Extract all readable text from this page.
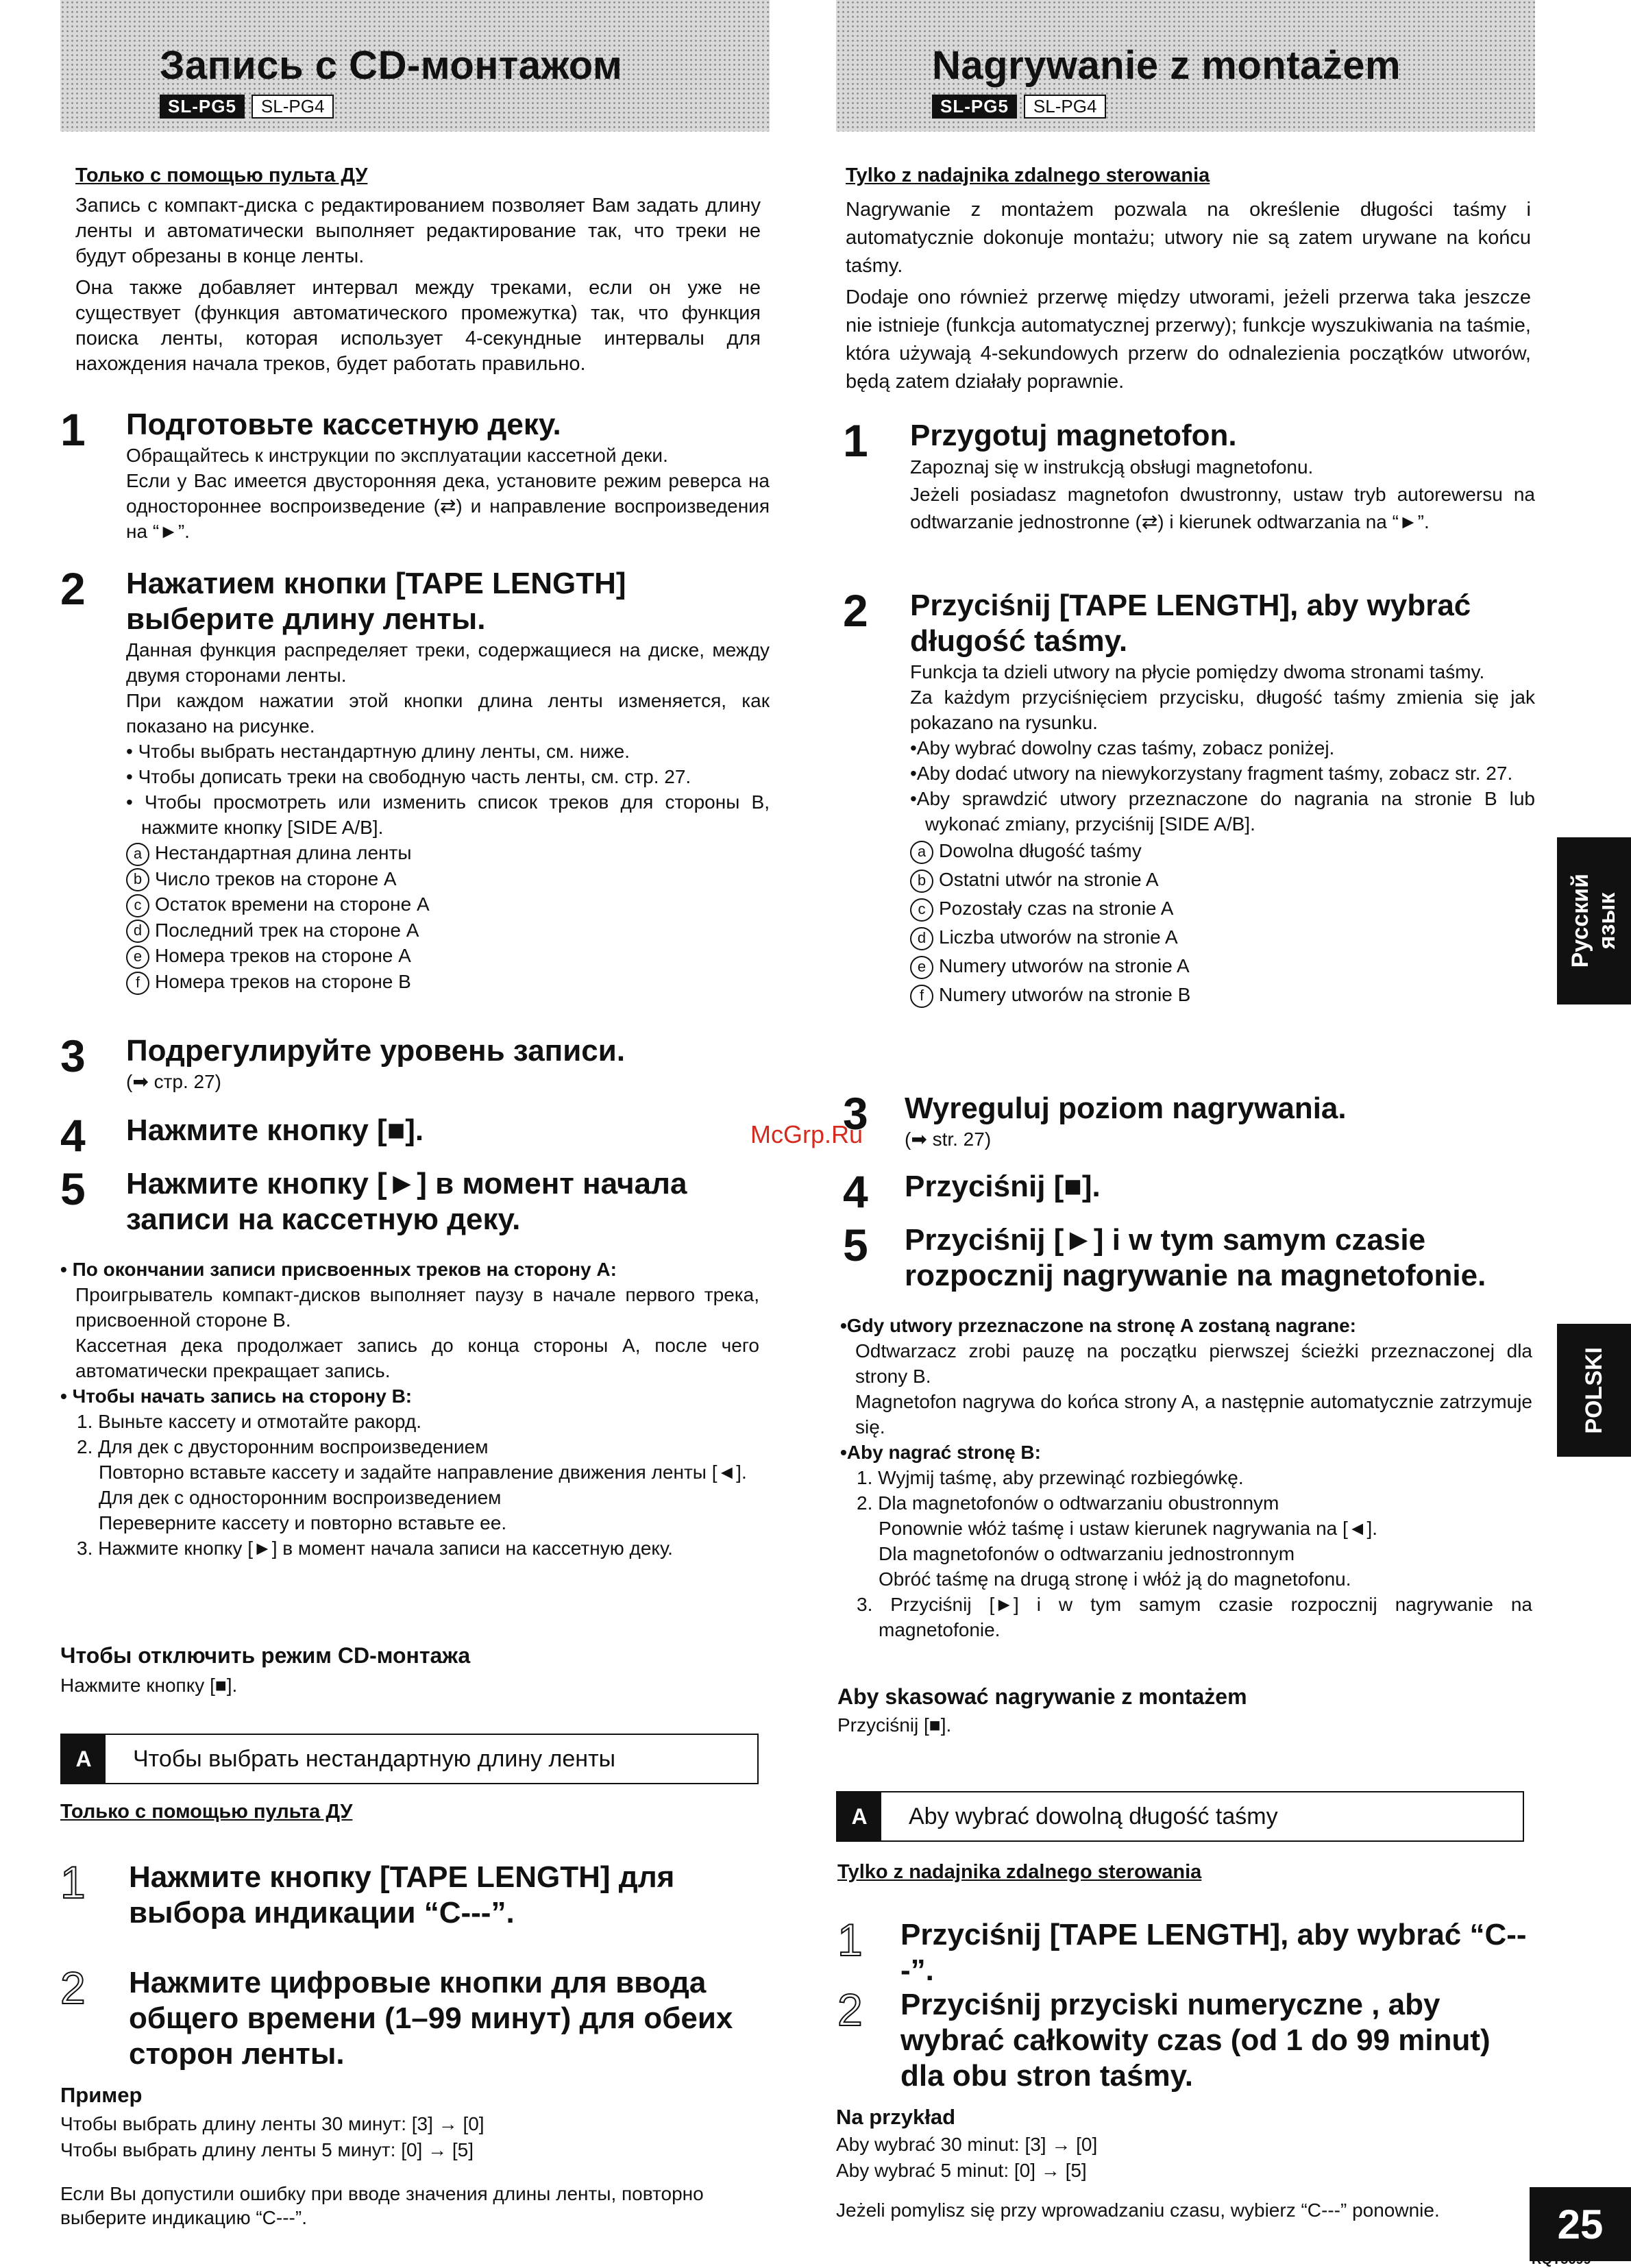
Запись с CD-монтажом
SL-PG5	SL-PG4
Nagrywanie z montażem
SL-PG5	SL-PG4
Только с помощью пульта ДУ

Запись с компакт-диска с редактированием позволяет Вам задать длину ленты и автоматически выполняет редактирование так, что треки не будут обрезаны в конце ленты.

Она также добавляет интервал между треками, если он уже не существует (функция автоматического промежутка) так, что функция поиска ленты, которая использует 4-секундные интервалы для нахождения начала треков, будет работать правильно.

1 Подготовьте кассетную деку.
Обращайтесь к инструкции по эксплуатации кассетной деки.
Если у Вас имеется двусторонняя дека, установите режим реверса на одностороннее воспроизведение (⇄) и направление воспроизведения на “►”.
2 Нажатием кнопки [TAPE LENGTH] выберите длину ленты.
Данная функция распределяет треки, содержащиеся на диске, между двумя сторонами ленты.
При каждом нажатии этой кнопки длина ленты изменяется, как показано на рисунке.
• Чтобы выбрать нестандартную длину ленты, см. ниже.
• Чтобы дописать треки на свободную часть ленты, см. стр. 27.
• Чтобы просмотреть или изменить список треков для стороны B, нажмите кнопку [SIDE A/B].
a Нестандартная длина ленты
b Число треков на стороне A
c Остаток времени на стороне A
d Последний трек на стороне A
e Номера треков на стороне A
f Номера треков на стороне B
3 Подрегулируйте уровень записи.
(➡ стр. 27)
4 Нажмите кнопку [■].
5 Нажмите кнопку [►] в момент начала записи на кассетную деку.
• По окончании записи присвоенных треков на сторону A:
Проигрыватель компакт-дисков выполняет паузу в начале первого трека, присвоенной стороне B.
Кассетная дека продолжает запись до конца стороны A, после чего автоматически прекращает запись.
• Чтобы начать запись на сторону B:
1. Выньте кассету и отмотайте ракорд.
2. Для дек с двусторонним воспроизведением
Повторно вставьте кассету и задайте направление движения ленты [◄].
Для дек с односторонним воспроизведением
Переверните кассету и повторно вставьте ее.
3. Нажмите кнопку [►] в момент начала записи на кассетную деку.
Чтобы отключить режим CD-монтажа
Нажмите кнопку [■].
A	Чтобы выбрать нестандартную длину ленты
Только с помощью пульта ДУ
1 Нажмите кнопку [TAPE LENGTH] для выбора индикации “C---”.
2 Нажмите цифровые кнопки для ввода общего времени (1–99 минут) для обеих сторон ленты.
Пример
Чтобы выбрать длину ленты 30 минут: [3] → [0]
Чтобы выбрать длину ленты 5 минут: [0] → [5]
Если Вы допустили ошибку при вводе значения длины ленты, повторно выберите индикацию “C---”.
Tylko z nadajnika zdalnego sterowania

Nagrywanie z montażem pozwala na określenie długości taśmy i automatycznie dokonuje montażu; utwory nie są zatem urywane na końcu taśmy.

Dodaje ono również przerwę między utworami, jeżeli przerwa taka jeszcze nie istnieje (funkcja automatycznej przerwy); funkcje wyszukiwania na taśmie, która używają 4-sekundowych przerw do odnalezienia początków utworów, będą zatem działały poprawnie.

1 Przygotuj magnetofon.
Zapoznaj się w instrukcją obsługi magnetofonu.
Jeżeli posiadasz magnetofon dwustronny, ustaw tryb autorewersu na odtwarzanie jednostronne (⇄) i kierunek odtwarzania na “►”.
2 Przyciśnij [TAPE LENGTH], aby wybrać długość taśmy.
Funkcja ta dzieli utwory na płycie pomiędzy dwoma stronami taśmy.
Za każdym przyciśnięciem przycisku, długość taśmy zmienia się jak pokazano na rysunku.
•Aby wybrać dowolny czas taśmy, zobacz poniżej.
•Aby dodać utwory na niewykorzystany fragment taśmy, zobacz str. 27.
•Aby sprawdzić utwory przeznaczone do nagrania na stronie B lub wykonać zmiany, przyciśnij [SIDE A/B].
a Dowolna długość taśmy
b Ostatni utwór na stronie A
c Pozostały czas na stronie A
d Liczba utworów na stronie A
e Numery utworów na stronie A
f Numery utworów na stronie B
3 Wyreguluj poziom nagrywania.
(➡ str. 27)
4 Przyciśnij [■].
5 Przyciśnij [►] i w tym samym czasie rozpocznij nagrywanie na magnetofonie.
•Gdy utwory przeznaczone na stronę A zostaną nagrane:
Odtwarzacz zrobi pauzę na początku pierwszej ścieżki przeznaczonej dla strony B.
Magnetofon nagrywa do końca strony A, a następnie automatycznie zatrzymuje się.
•Aby nagrać stronę B:
1. Wyjmij taśmę, aby przewinąć rozbiegówkę.
2. Dla magnetofonów o odtwarzaniu obustronnym
Ponownie włóż taśmę i ustaw kierunek nagrywania na [◄].
Dla magnetofonów o odtwarzaniu jednostronnym
Obróć taśmę na drugą stronę i włóż ją do magnetofonu.
3. Przyciśnij [►] i w tym samym czasie rozpocznij nagrywanie na magnetofonie.
Aby skasować nagrywanie z montażem
Przyciśnij [■].
A	Aby wybrać dowolną długość taśmy
Tylko z nadajnika zdalnego sterowania
1 Przyciśnij [TAPE LENGTH], aby wybrać “C---”.
2 Przyciśnij przyciski numeryczne , aby wybrać całkowity czas (od 1 do 99 minut) dla obu stron taśmy.
Na przykład
Aby wybrać 30 minut: [3] → [0]
Aby wybrać 5 minut: [0] → [5]
Jeżeli pomylisz się przy wprowadzaniu czasu, wybierz “C---” ponownie.
Русский
язык
POLSKI
McGrp.Ru
25
RQT5699
